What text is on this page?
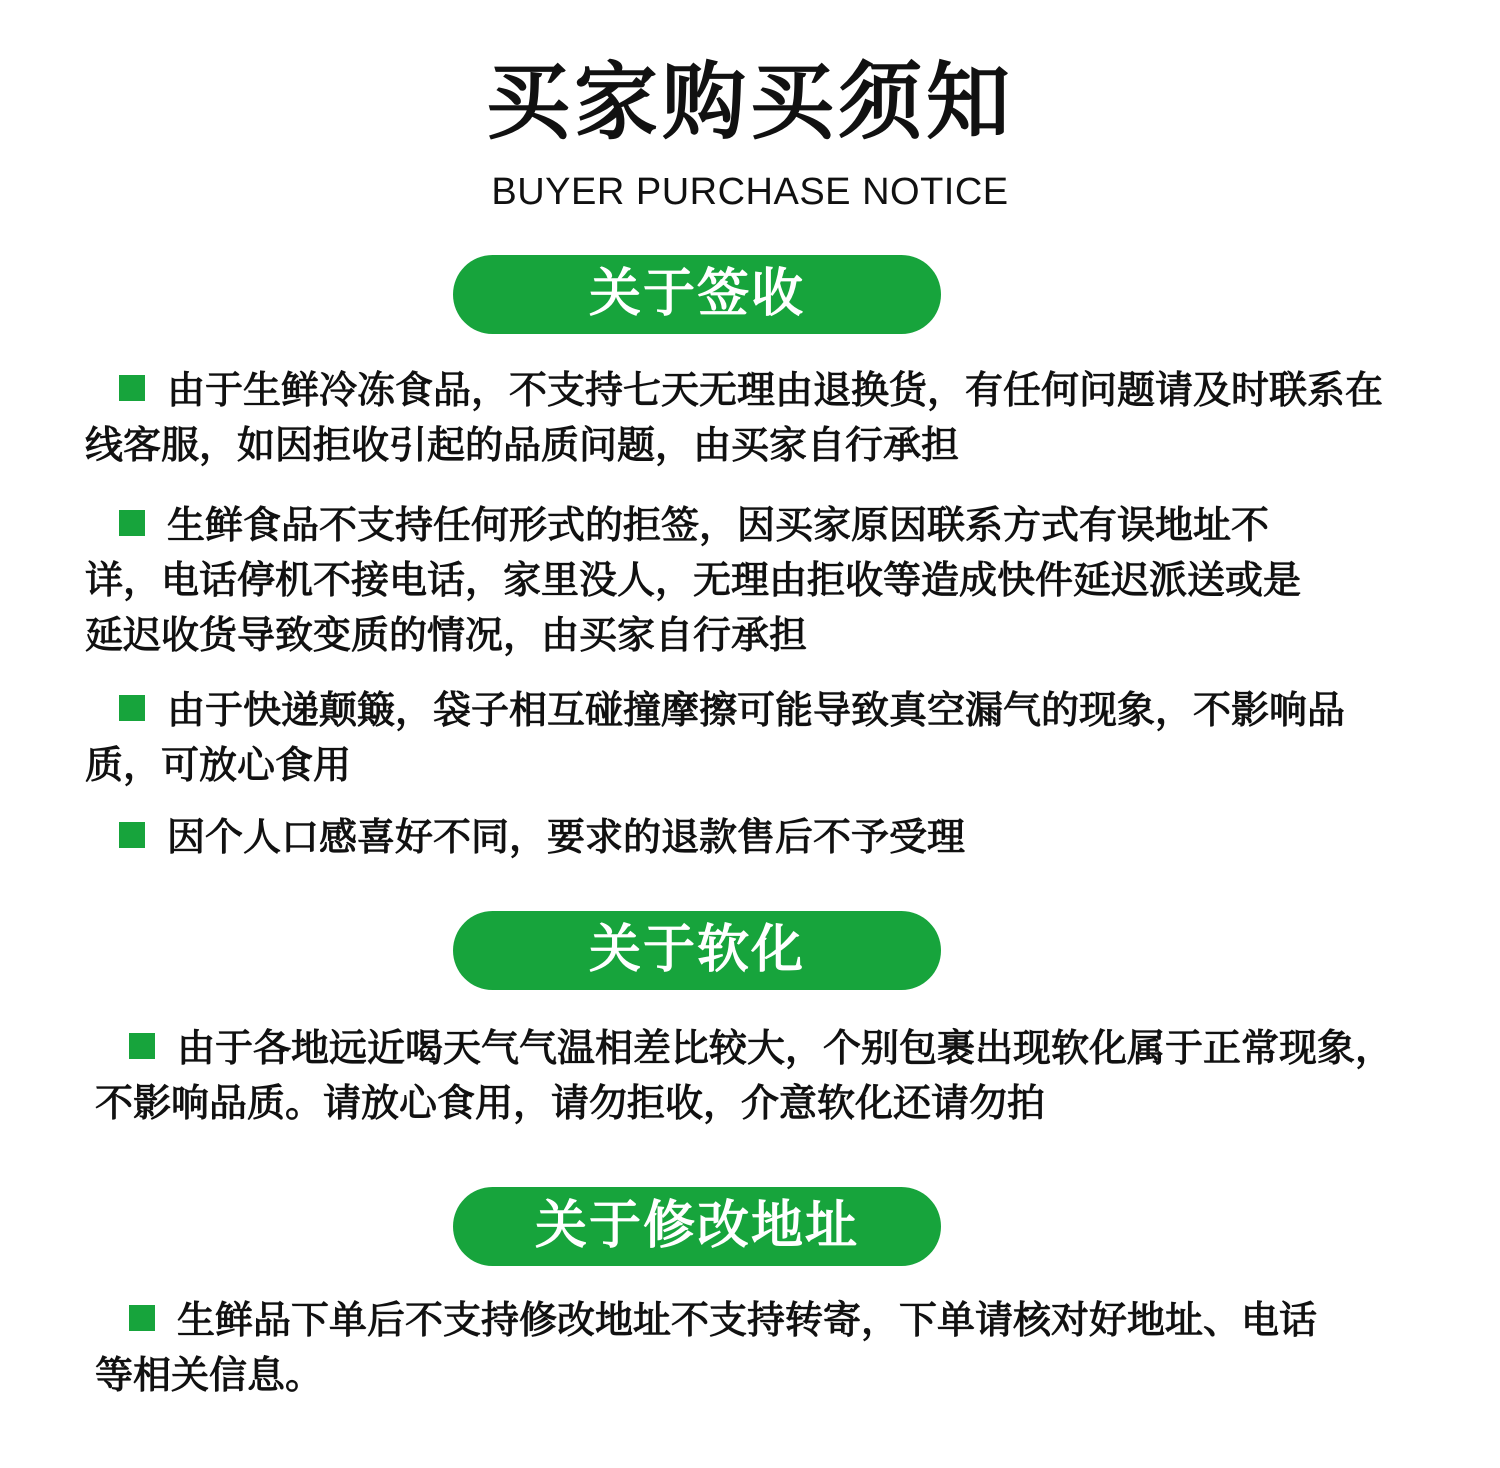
买家购买须知
BUYER PURCHASE NOTICE
关于签收

由于生鲜冷冻食品，不支持七天无理由退换货，有任何问题请及时联系在线客服，如因拒收引起的品质问题，由买家自行承担

生鲜食品不支持任何形式的拒签，因买家原因联系方式有误地址不详，电话停机不接电话，家里没人，无理由拒收等造成快件延迟派送或是延迟收货导致变质的情况，由买家自行承担

由于快递颠簸，袋子相互碰撞摩擦可能导致真空漏气的现象，不影响品质，可放心食用

因个人口感喜好不同，要求的退款售后不予受理

关于软化

由于各地远近喝天气气温相差比较大，个别包裹出现软化属于正常现象，不影响品质。请放心食用，请勿拒收，介意软化还请勿拍

关于修改地址

生鲜品下单后不支持修改地址不支持转寄，下单请核对好地址、电话等相关信息。
